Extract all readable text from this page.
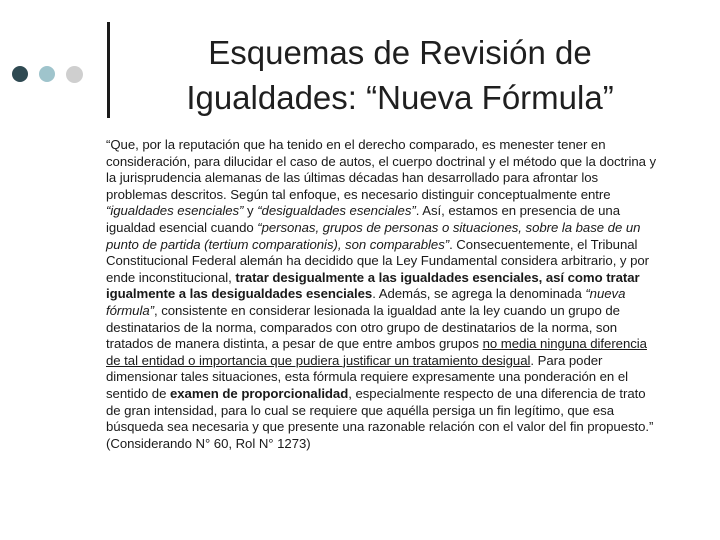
Esquemas de Revisión de
Igualdades: “Nueva Fórmula”

“Que, por la reputación que ha tenido en el derecho comparado, es menester tener en consideración, para dilucidar el caso de autos, el cuerpo doctrinal y el método que la doctrina y la jurisprudencia alemanas de las últimas décadas han desarrollado para afrontar los problemas descritos. Según tal enfoque, es necesario distinguir conceptualmente entre “igualdades esenciales” y “desigualdades esenciales”. Así, estamos en presencia de una igualdad esencial cuando “personas, grupos de personas o situaciones, sobre la base de un punto de partida (tertium comparationis), son comparables”. Consecuentemente, el Tribunal Constitucional Federal alemán ha decidido que la Ley Fundamental considera arbitrario, y por ende inconstitucional, tratar desigualmente a las igualdades esenciales, así como tratar igualmente a las desigualdades esenciales. Además, se agrega la denominada “nueva fórmula”, consistente en considerar lesionada la igualdad ante la ley cuando un grupo de destinatarios de la norma, comparados con otro grupo de destinatarios de la norma, son tratados de manera distinta, a pesar de que entre ambos grupos no media ninguna diferencia de tal entidad o importancia que pudiera justificar un tratamiento desigual. Para poder dimensionar tales situaciones, esta fórmula requiere expresamente una ponderación en el sentido de examen de proporcionalidad, especialmente respecto de una diferencia de trato de gran intensidad, para lo cual se requiere que aquélla persiga un fin legítimo, que esa búsqueda sea necesaria y que presente una razonable relación con el valor del fin propuesto.” (Considerando N° 60, Rol N° 1273)
